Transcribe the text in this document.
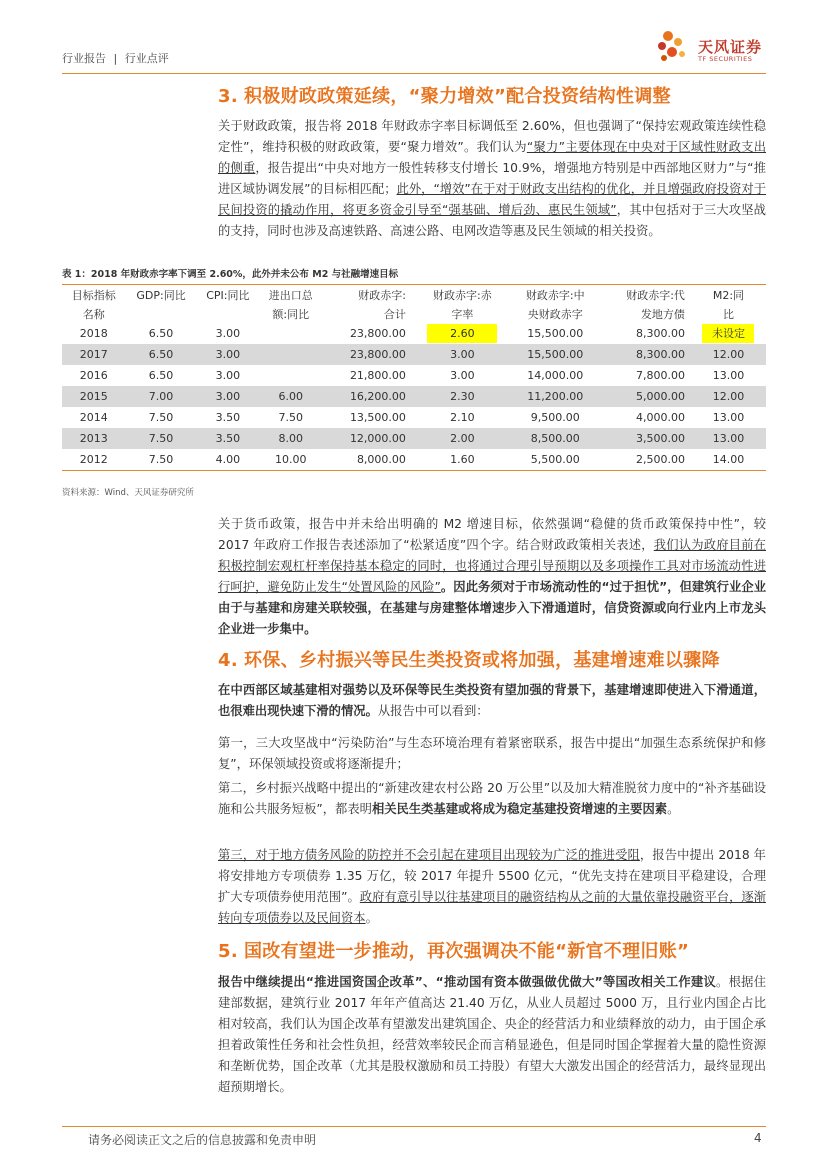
行业报告 | 行业点评
天风证券
TF SECURITIES
3. 积极财政政策延续，“聚力增效”配合投资结构性调整
关于财政政策，报告将 2018 年财政赤字率目标调低至 2.60%，但也强调了“保持宏观政策连续性稳定性”，维持积极的财政政策，要“聚力增效”。我们认为“聚力”主要体现在中央对于区域性财政支出的侧重，报告提出“中央对地方一般性转移支付增长 10.9%，增强地方特别是中西部地区财力”与“推进区域协调发展”的目标相匹配；此外，“增效”在于对于财政支出结构的优化，并且增强政府投资对于民间投资的撬动作用，将更多资金引导至“强基础、增后劲、惠民生领域”，其中包括对于三大攻坚战的支持，同时也涉及高速铁路、高速公路、电网改造等惠及民生领域的相关投资。
表 1：2018 年财政赤字率下调至 2.60%，此外并未公布 M2 与社融增速目标
目标指标	GDP:同比	CPI:同比	进出口总	财政赤字:	财政赤字:赤	财政赤字:中	财政赤字:代	M2:同
名称			额:同比	合计	字率	央财政赤字	发地方债	比
2018	6.50	3.00		23,800.00	2.60	15,500.00	8,300.00	未设定
2017	6.50	3.00		23,800.00	3.00	15,500.00	8,300.00	12.00
2016	6.50	3.00		21,800.00	3.00	14,000.00	7,800.00	13.00
2015	7.00	3.00	6.00	16,200.00	2.30	11,200.00	5,000.00	12.00
2014	7.50	3.50	7.50	13,500.00	2.10	9,500.00	4,000.00	13.00
2013	7.50	3.50	8.00	12,000.00	2.00	8,500.00	3,500.00	13.00
2012	7.50	4.00	10.00	8,000.00	1.60	5,500.00	2,500.00	14.00
资料来源：Wind、天风证券研究所
关于货币政策，报告中并未给出明确的 M2 增速目标，依然强调“稳健的货币政策保持中性”，较 2017 年政府工作报告表述添加了“松紧适度”四个字。结合财政政策相关表述，我们认为政府目前在积极控制宏观杠杆率保持基本稳定的同时，也将通过合理引导预期以及多项操作工具对市场流动性进行呵护，避免防止发生“处置风险的风险”。因此务须对于市场流动性的“过于担忧”，但建筑行业企业由于与基建和房建关联较强，在基建与房建整体增速步入下滑通道时，信贷资源或向行业内上市龙头企业进一步集中。
4. 环保、乡村振兴等民生类投资或将加强，基建增速难以骤降
在中西部区域基建相对强势以及环保等民生类投资有望加强的背景下，基建增速即使进入下滑通道，也很难出现快速下滑的情况。从报告中可以看到：
第一，三大攻坚战中“污染防治”与生态环境治理有着紧密联系，报告中提出“加强生态系统保护和修复”，环保领域投资或将逐渐提升；
第二，乡村振兴战略中提出的“新建改建农村公路 20 万公里”以及加大精准脱贫力度中的“补齐基础设施和公共服务短板”，都表明相关民生类基建或将成为稳定基建投资增速的主要因素。
第三，对于地方债务风险的防控并不会引起在建项目出现较为广泛的推进受阻，报告中提出 2018 年将安排地方专项债券 1.35 万亿，较 2017 年提升 5500 亿元，“优先支持在建项目平稳建设，合理扩大专项债券使用范围”。政府有意引导以往基建项目的融资结构从之前的大量依靠投融资平台，逐渐转向专项债券以及民间资本。
5. 国改有望进一步推动，再次强调决不能“新官不理旧账”
报告中继续提出“推进国资国企改革”、“推动国有资本做强做优做大”等国改相关工作建议。根据住建部数据，建筑行业 2017 年年产值高达 21.40 万亿，从业人员超过 5000 万，且行业内国企占比相对较高，我们认为国企改革有望激发出建筑国企、央企的经营活力和业绩释放的动力，由于国企承担着政策性任务和社会性负担，经营效率较民企而言稍显逊色，但是同时国企掌握着大量的隐性资源和垄断优势，国企改革（尤其是股权激励和员工持股）有望大大激发出国企的经营活力，最终显现出超预期增长。
请务必阅读正文之后的信息披露和免责申明	4
